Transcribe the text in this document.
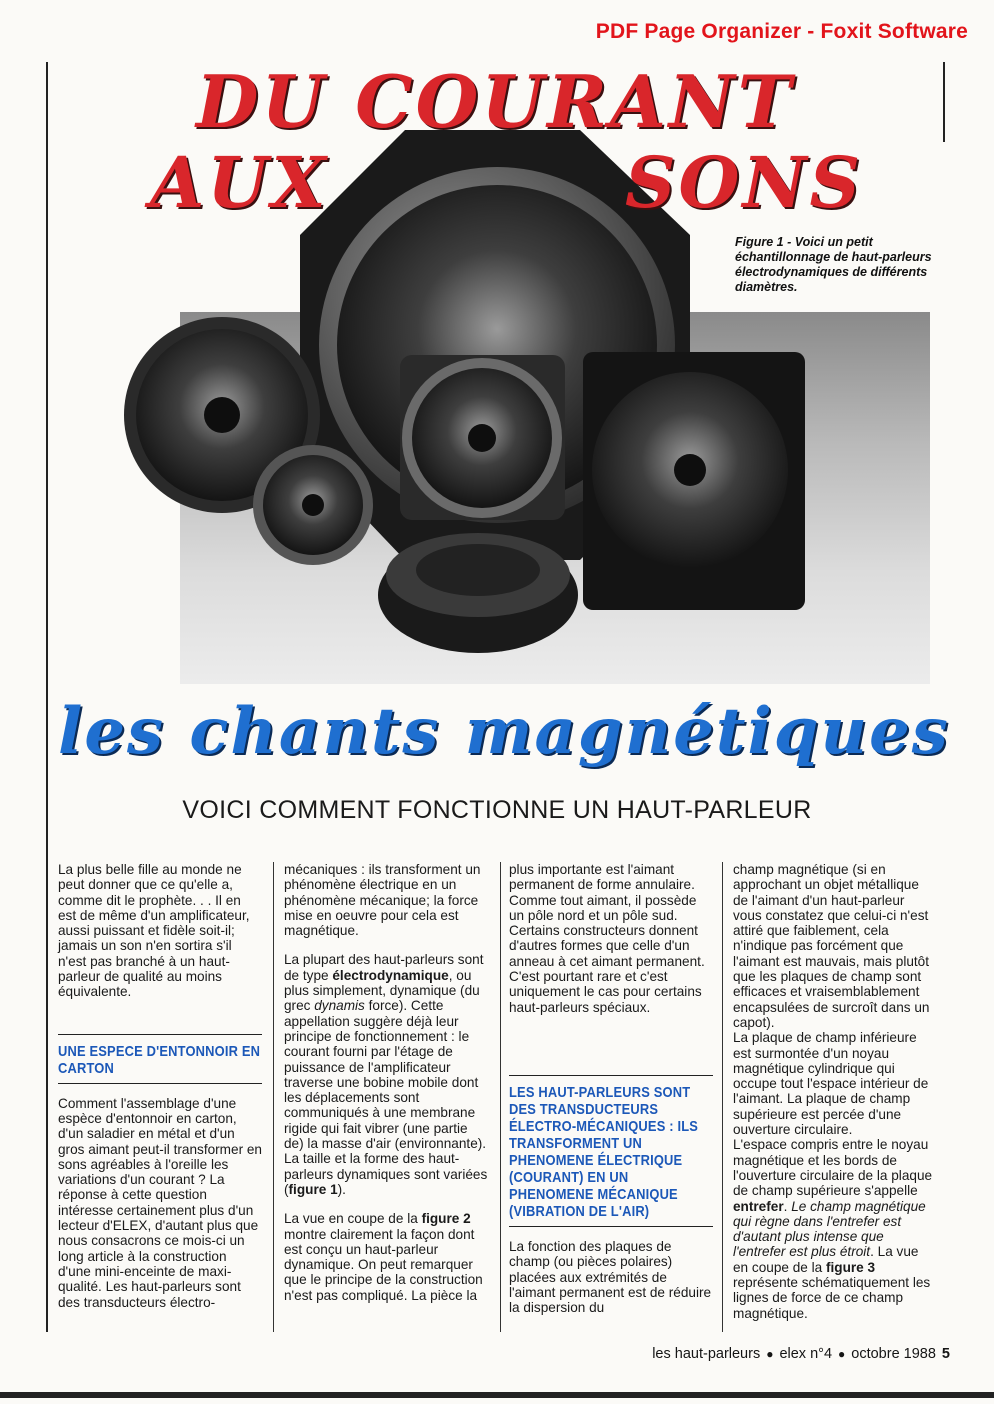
PDF Page Organizer - Foxit Software
DU COURANT
AUX	SONS
Figure 1 - Voici un petit échantillonnage de haut-parleurs électrodynamiques de différents diamètres.
les chants magnétiques
VOICI COMMENT FONCTIONNE UN HAUT-PARLEUR

La plus belle fille au monde ne peut donner que ce qu'elle a, comme dit le prophète. . . Il en est de même d'un amplificateur, aussi puissant et fidèle soit-il; jamais un son n'en sortira s'il n'est pas branché à un haut-parleur de qualité au moins équivalente.

UNE ESPECE D'ENTONNOIR EN CARTON

Comment l'assemblage d'une espèce d'entonnoir en carton, d'un saladier en métal et d'un gros aimant peut-il transformer en sons agréables à l'oreille les variations d'un courant ? La réponse à cette question intéresse certainement plus d'un lecteur d'ELEX, d'autant plus que nous consacrons ce mois-ci un long article à la construction d'une mini-enceinte de maxi-qualité. Les haut-parleurs sont des transducteurs électro-

mécaniques : ils transforment un phénomène électrique en un phénomène mécanique; la force mise en oeuvre pour cela est magnétique.

La plupart des haut-parleurs sont de type électrodynamique, ou plus simplement, dynamique (du grec dynamis force). Cette appellation suggère déjà leur principe de fonctionnement : le courant fourni par l'étage de puissance de l'amplificateur traverse une bobine mobile dont les déplacements sont communiqués à une membrane rigide qui fait vibrer (une partie de) la masse d'air (environnante). La taille et la forme des haut-parleurs dynamiques sont variées (figure 1).

La vue en coupe de la figure 2 montre clairement la façon dont est conçu un haut-parleur dynamique. On peut remarquer que le principe de la construction n'est pas compliqué. La pièce la

plus importante est l'aimant permanent de forme annulaire. Comme tout aimant, il possède un pôle nord et un pôle sud. Certains constructeurs donnent d'autres formes que celle d'un anneau à cet aimant permanent. C'est pourtant rare et c'est uniquement le cas pour certains haut-parleurs spéciaux.

LES HAUT-PARLEURS SONT DES TRANSDUCTEURS ÉLECTRO-MÉCANIQUES : ILS TRANSFORMENT UN PHENOMENE ÉLECTRIQUE (COURANT) EN UN PHENOMENE MÉCANIQUE (VIBRATION DE L'AIR)

La fonction des plaques de champ (ou pièces polaires) placées aux extrémités de l'aimant permanent est de réduire la dispersion du

champ magnétique (si en approchant un objet métallique de l'aimant d'un haut-parleur vous constatez que celui-ci n'est attiré que faiblement, cela n'indique pas forcément que l'aimant est mauvais, mais plutôt que les plaques de champ sont efficaces et vraisemblablement encapsulées de surcroît dans un capot).

La plaque de champ inférieure est surmontée d'un noyau magnétique cylindrique qui occupe tout l'espace intérieur de l'aimant. La plaque de champ supérieure est percée d'une ouverture circulaire.

L'espace compris entre le noyau magnétique et les bords de l'ouverture circulaire de la plaque de champ supérieure s'appelle entrefer. Le champ magnétique qui règne dans l'entrefer est d'autant plus intense que l'entrefer est plus étroit. La vue en coupe de la figure 3 représente schématiquement les lignes de force de ce champ magnétique.

les haut-parleurs ● elex n°4 ● octobre 1988 5
